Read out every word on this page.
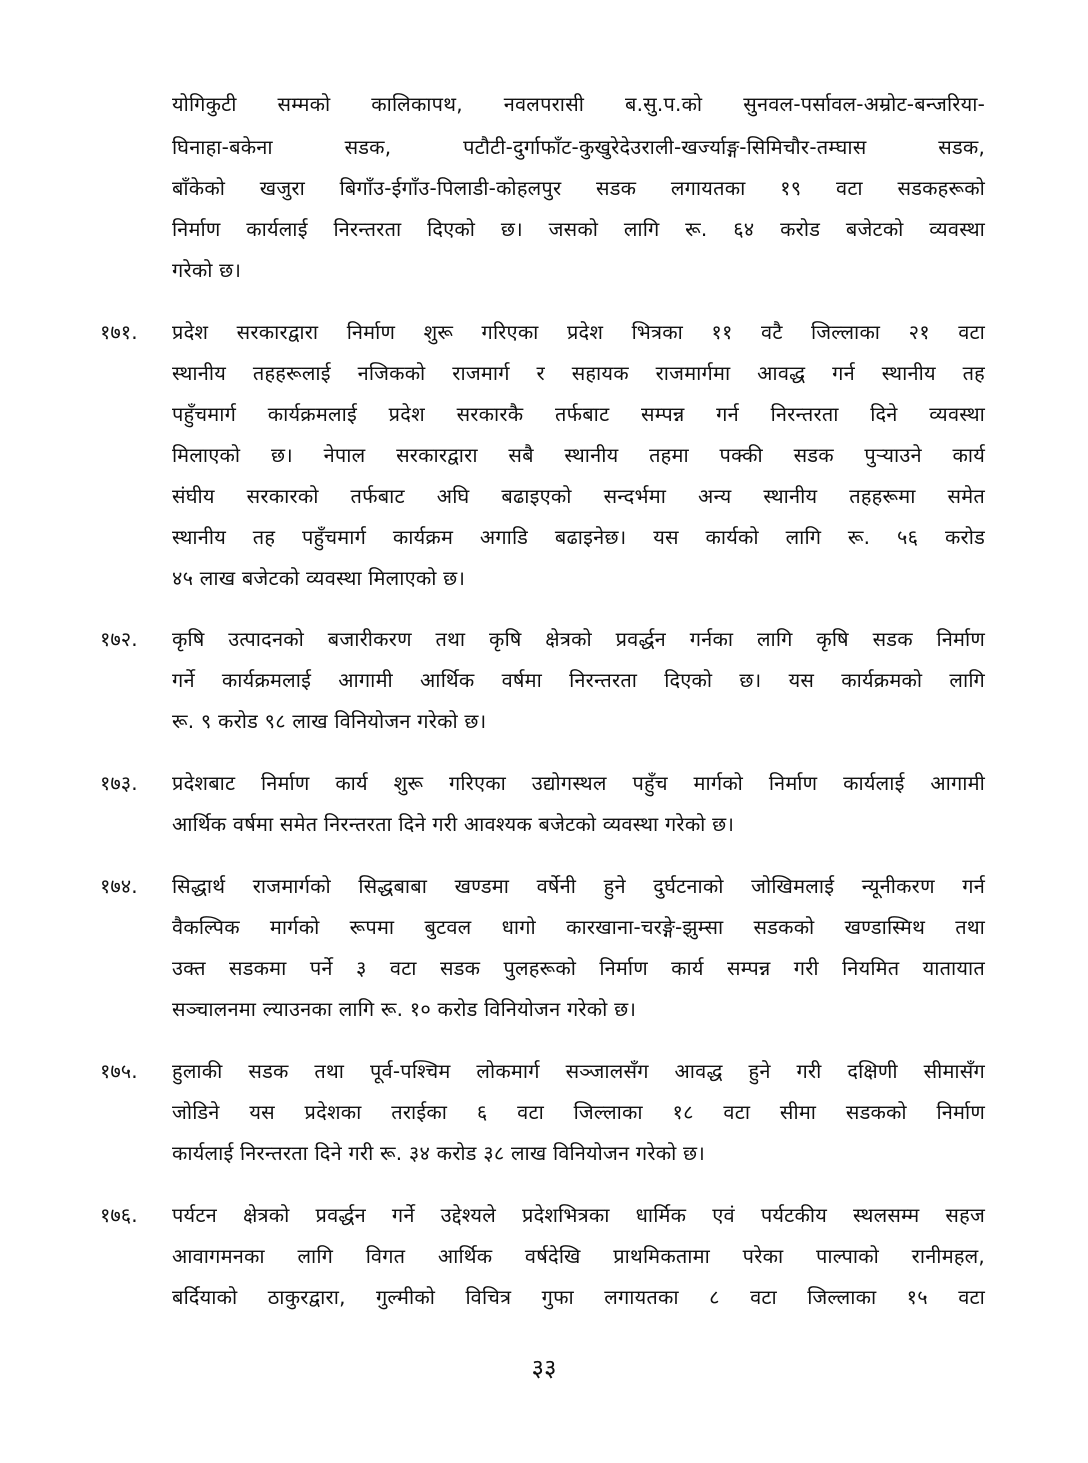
योगिकुटी सम्मको कालिकापथ, नवलपरासी ब.सु.प.को सुनवल-पर्सावल-अम्रोट-बन्जरिया-
घिनाहा-बकेना सडक, पटौटी-दुर्गाफाँट-कुखुरेदेउराली-खर्ज्याङ्ग-सिमिचौर-तम्घास सडक,
बाँकेको खजुरा बिगाँउ-ईगाँउ-पिलाडी-कोहलपुर सडक लगायतका १९ वटा सडकहरूको
निर्माण कार्यलाई निरन्तरता दिएको छ। जसको लागि रू. ६४ करोड बजेटको व्यवस्था
गरेको छ।
१७१. प्रदेश सरकारद्वारा निर्माण शुरू गरिएका प्रदेश भित्रका ११ वटै जिल्लाका २१ वटा
स्थानीय तहहरूलाई नजिकको राजमार्ग र सहायक राजमार्गमा आवद्ध गर्न स्थानीय तह
पहुँचमार्ग कार्यक्रमलाई प्रदेश सरकारकै तर्फबाट सम्पन्न गर्न निरन्तरता दिने व्यवस्था
मिलाएको छ। नेपाल सरकारद्वारा सबै स्थानीय तहमा पक्की सडक पुऱ्याउने कार्य
संघीय सरकारको तर्फबाट अघि बढाइएको सन्दर्भमा अन्य स्थानीय तहहरूमा समेत
स्थानीय तह पहुँचमार्ग कार्यक्रम अगाडि बढाइनेछ। यस कार्यको लागि रू. ५६ करोड
४५ लाख बजेटको व्यवस्था मिलाएको छ।
१७२. कृषि उत्पादनको बजारीकरण तथा कृषि क्षेत्रको प्रवर्द्धन गर्नका लागि कृषि सडक निर्माण
गर्ने कार्यक्रमलाई आगामी आर्थिक वर्षमा निरन्तरता दिएको छ। यस कार्यक्रमको लागि
रू. ९ करोड ९८ लाख विनियोजन गरेको छ।
१७३. प्रदेशबाट निर्माण कार्य शुरू गरिएका उद्योगस्थल पहुँच मार्गको निर्माण कार्यलाई आगामी
आर्थिक वर्षमा समेत निरन्तरता दिने गरी आवश्यक बजेटको व्यवस्था गरेको छ।
१७४. सिद्धार्थ राजमार्गको सिद्धबाबा खण्डमा वर्षेनी हुने दुर्घटनाको जोखिमलाई न्यूनीकरण गर्न
वैकल्पिक मार्गको रूपमा बुटवल धागो कारखाना-चरङ्गे-झुम्सा सडकको खण्डास्मिथ तथा
उक्त सडकमा पर्ने ३ वटा सडक पुलहरूको निर्माण कार्य सम्पन्न गरी नियमित यातायात
सञ्चालनमा ल्याउनका लागि रू. १० करोड विनियोजन गरेको छ।
१७५. हुलाकी सडक तथा पूर्व-पश्चिम लोकमार्ग सञ्जालसँग आवद्ध हुने गरी दक्षिणी सीमासँग
जोडिने यस प्रदेशका तराईका ६ वटा जिल्लाका १८ वटा सीमा सडकको निर्माण
कार्यलाई निरन्तरता दिने गरी रू. ३४ करोड ३८ लाख विनियोजन गरेको छ।
१७६. पर्यटन क्षेत्रको प्रवर्द्धन गर्ने उद्देश्यले प्रदेशभित्रका धार्मिक एवं पर्यटकीय स्थलसम्म सहज
आवागमनका लागि विगत आर्थिक वर्षदेखि प्राथमिकतामा परेका पाल्पाको रानीमहल,
बर्दियाको ठाकुरद्वारा, गुल्मीको विचित्र गुफा लगायतका ८ वटा जिल्लाका १५ वटा
३३
